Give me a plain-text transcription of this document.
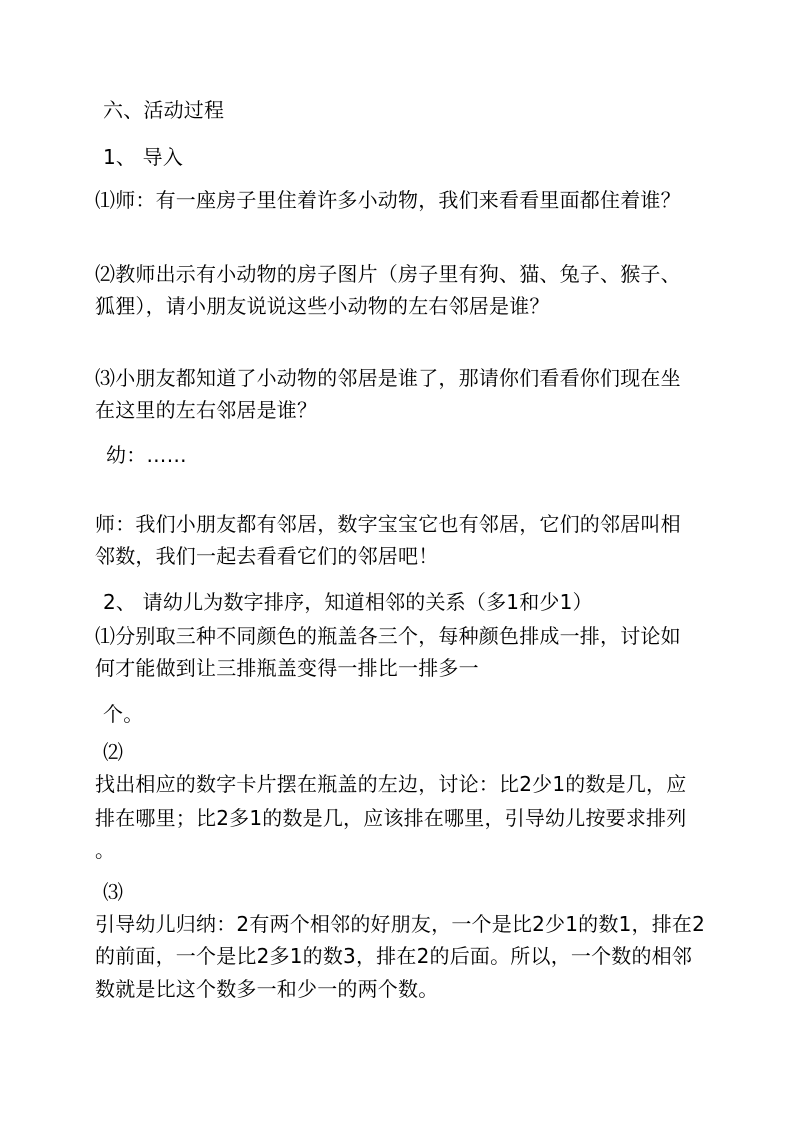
六、活动过程
1、 导入
⑴师：有一座房子里住着许多小动物，我们来看看里面都住着谁？
⑵教师出示有小动物的房子图片（房子里有狗、猫、兔子、猴子、
狐狸），请小朋友说说这些小动物的左右邻居是谁？
⑶小朋友都知道了小动物的邻居是谁了，那请你们看看你们现在坐
在这里的左右邻居是谁？
幼：……
师：我们小朋友都有邻居，数字宝宝它也有邻居，它们的邻居叫相
邻数，我们一起去看看它们的邻居吧！
2、 请幼儿为数字排序，知道相邻的关系（多1和少1）
⑴分别取三种不同颜色的瓶盖各三个，每种颜色排成一排，讨论如
何才能做到让三排瓶盖变得一排比一排多一
个。
⑵
找出相应的数字卡片摆在瓶盖的左边，讨论：比2少1的数是几，应
排在哪里；比2多1的数是几，应该排在哪里，引导幼儿按要求排列
。
⑶
引导幼儿归纳：2有两个相邻的好朋友，一个是比2少1的数1，排在2
的前面，一个是比2多1的数3，排在2的后面。所以，一个数的相邻
数就是比这个数多一和少一的两个数。
